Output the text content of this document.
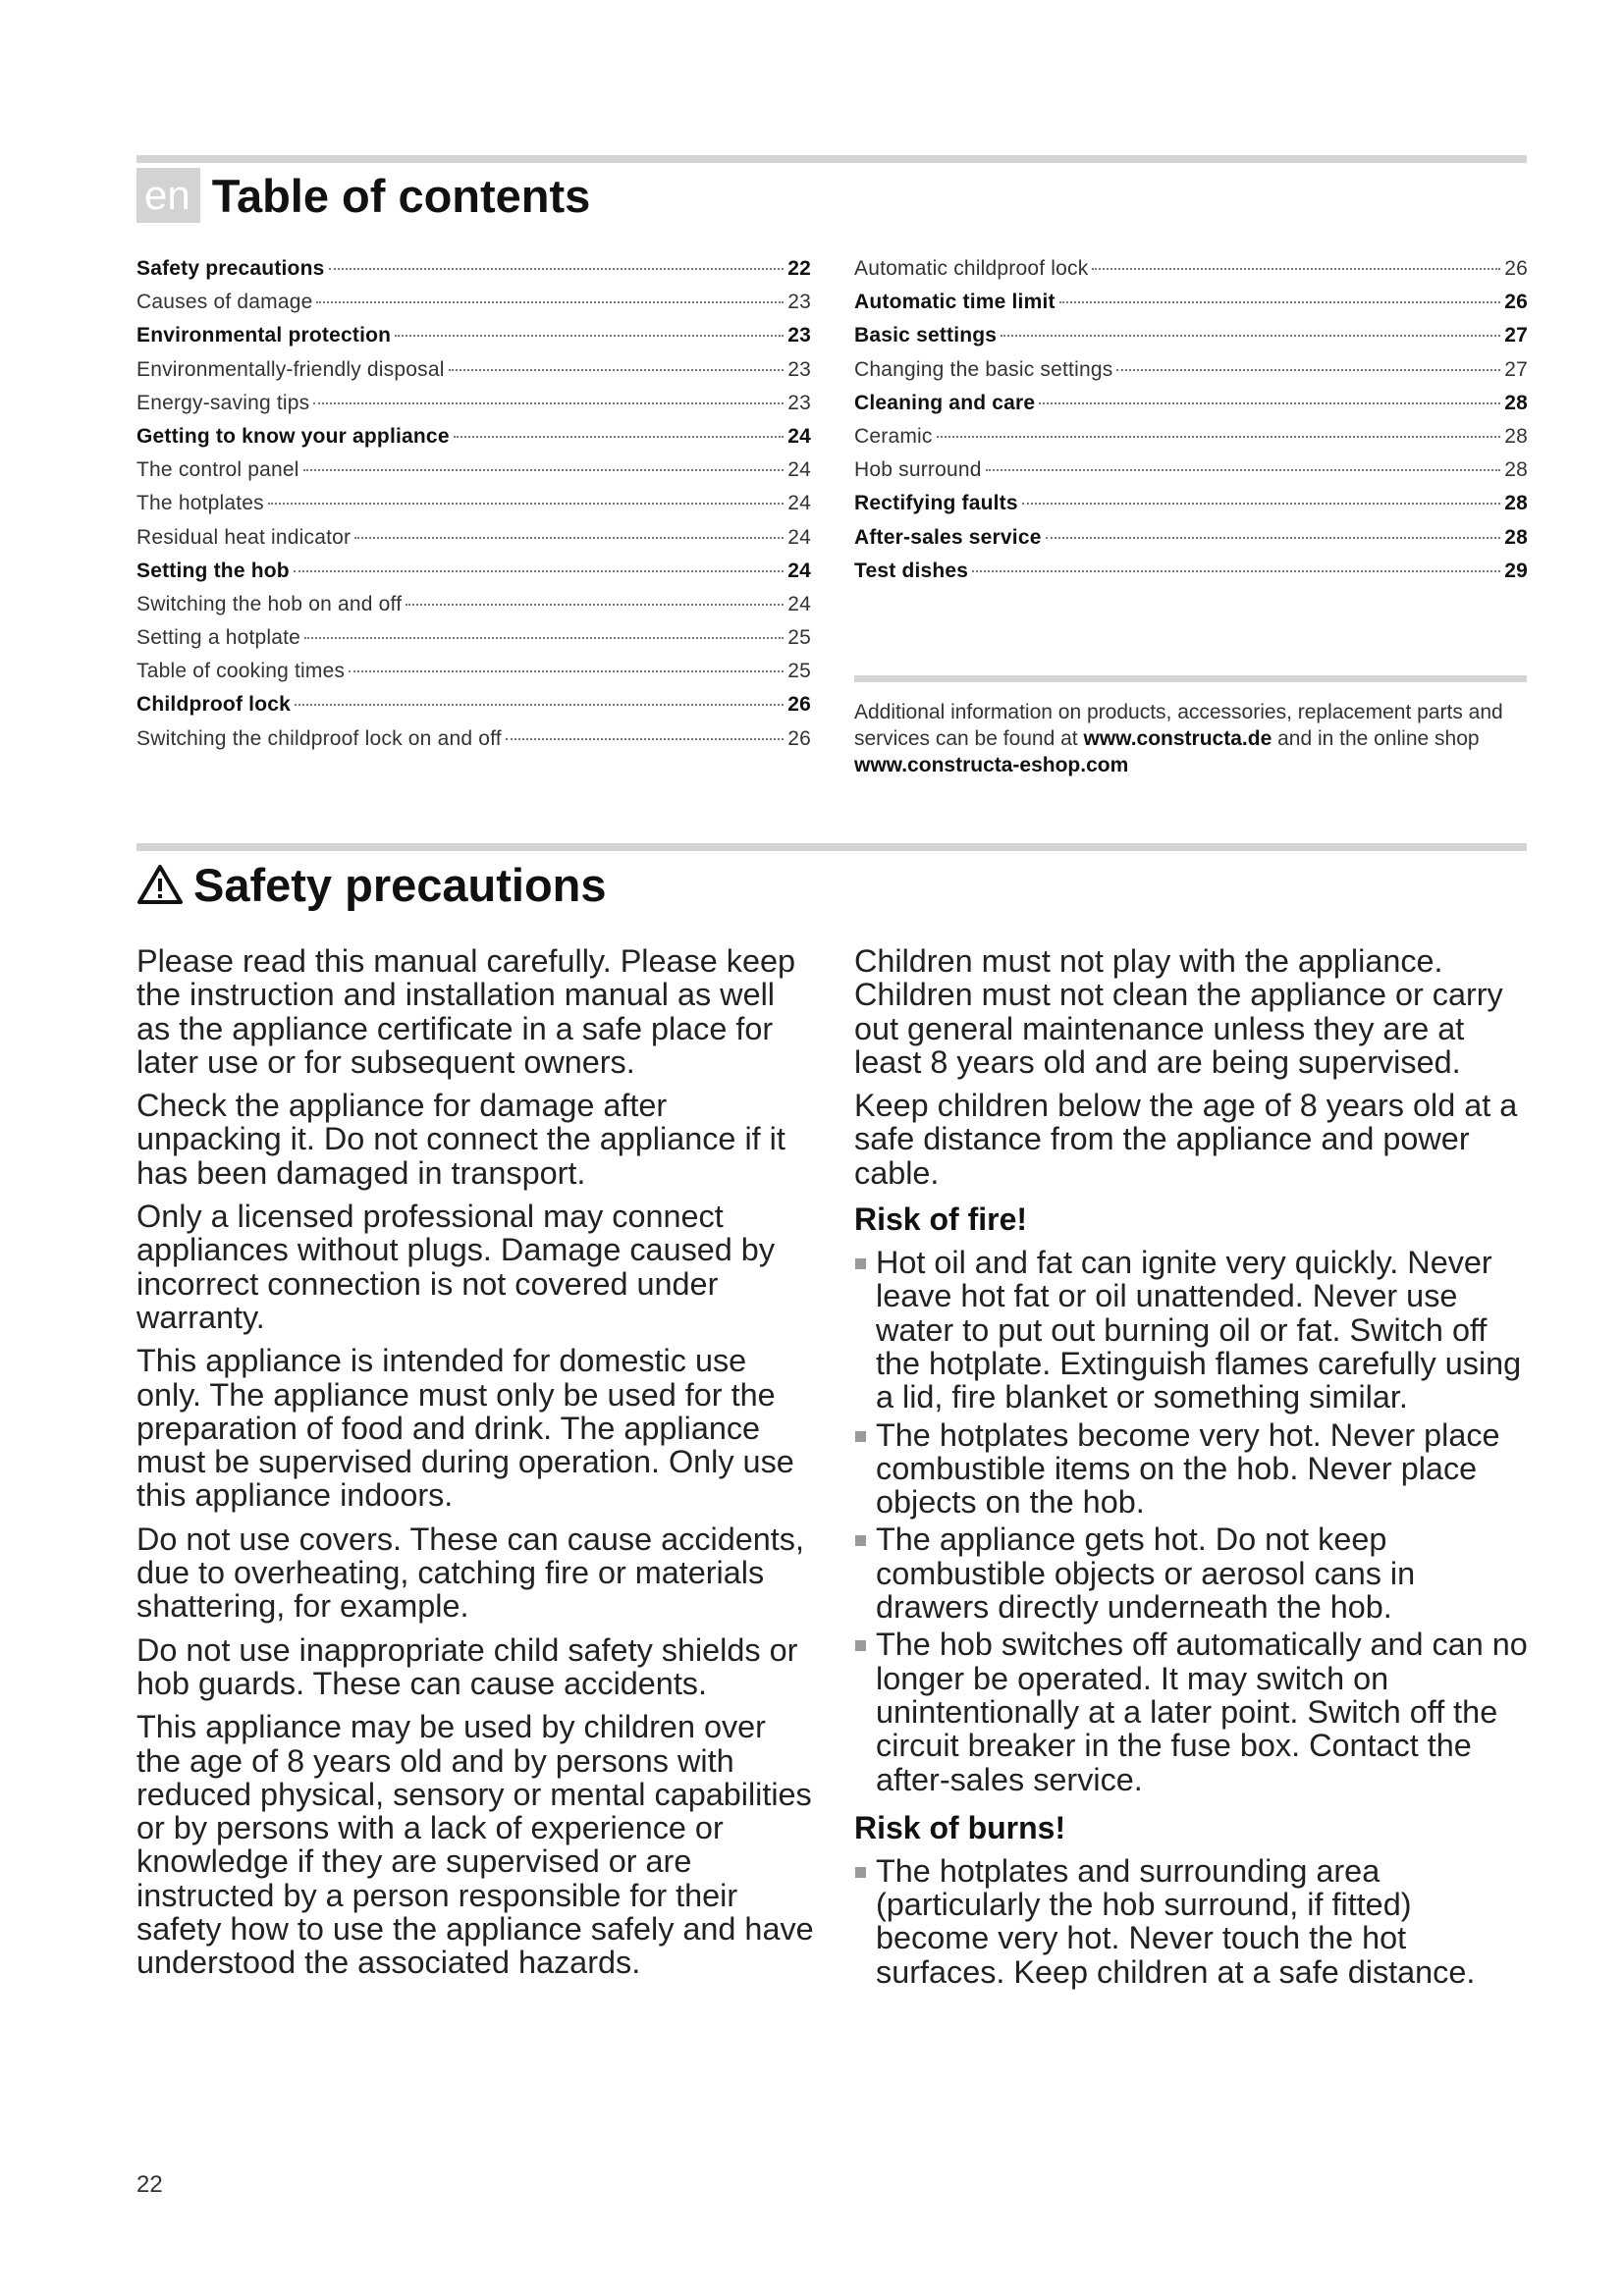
en Table of contents
Safety precautions	22
Causes of damage	23
Environmental protection	23
Environmentally-friendly disposal	23
Energy-saving tips	23
Getting to know your appliance	24
The control panel	24
The hotplates	24
Residual heat indicator	24
Setting the hob	24
Switching the hob on and off	24
Setting a hotplate	25
Table of cooking times	25
Childproof lock	26
Switching the childproof lock on and off	26
Automatic childproof lock	26
Automatic time limit	26
Basic settings	27
Changing the basic settings	27
Cleaning and care	28
Ceramic	28
Hob surround	28
Rectifying faults	28
After-sales service	28
Test dishes	29
Additional information on products, accessories, replacement parts and services can be found at www.constructa.de and in the online shop www.constructa-eshop.com
Safety precautions

Please read this manual carefully. Please keep the instruction and installation manual as well as the appliance certificate in a safe place for later use or for subsequent owners.

Check the appliance for damage after unpacking it. Do not connect the appliance if it has been damaged in transport.

Only a licensed professional may connect appliances without plugs. Damage caused by incorrect connection is not covered under warranty.

This appliance is intended for domestic use only. The appliance must only be used for the preparation of food and drink. The appliance must be supervised during operation. Only use this appliance indoors.

Do not use covers. These can cause accidents, due to overheating, catching fire or materials shattering, for example.

Do not use inappropriate child safety shields or hob guards. These can cause accidents.

This appliance may be used by children over the age of 8 years old and by persons with reduced physical, sensory or mental capabilities or by persons with a lack of experience or knowledge if they are supervised or are instructed by a person responsible for their safety how to use the appliance safely and have understood the associated hazards.

Children must not play with the appliance. Children must not clean the appliance or carry out general maintenance unless they are at least 8 years old and are being supervised.

Keep children below the age of 8 years old at a safe distance from the appliance and power cable.

Risk of fire!
Hot oil and fat can ignite very quickly. Never leave hot fat or oil unattended. Never use water to put out burning oil or fat. Switch off the hotplate. Extinguish flames carefully using a lid, fire blanket or something similar.
The hotplates become very hot. Never place combustible items on the hob. Never place objects on the hob.
The appliance gets hot. Do not keep combustible objects or aerosol cans in drawers directly underneath the hob.
The hob switches off automatically and can no longer be operated. It may switch on unintentionally at a later point. Switch off the circuit breaker in the fuse box. Contact the after-sales service.
Risk of burns!
The hotplates and surrounding area (particularly the hob surround, if fitted) become very hot. Never touch the hot surfaces. Keep children at a safe distance.
22
